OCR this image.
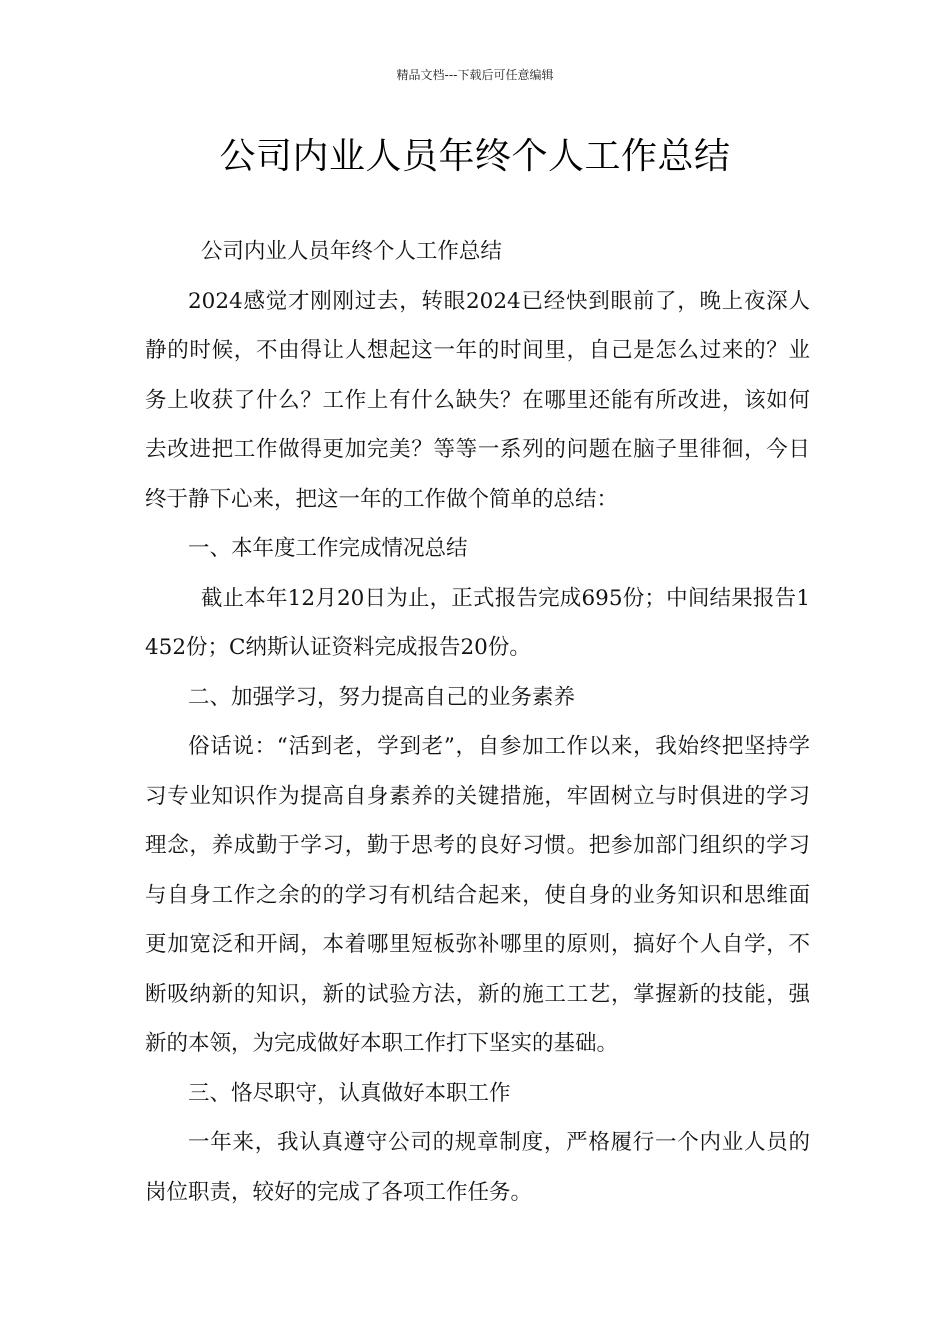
精品文档---下载后可任意编辑
公司内业人员年终个人工作总结

公司内业人员年终个人工作总结

2024感觉才刚刚过去，转眼2024已经快到眼前了，晚上夜深人静的时候，不由得让人想起这一年的时间里，自己是怎么过来的？业务上收获了什么？工作上有什么缺失？在哪里还能有所改进，该如何去改进把工作做得更加完美？等等一系列的问题在脑子里徘徊，今日终于静下心来，把这一年的工作做个简单的总结：

一、本年度工作完成情况总结

截止本年12月20日为止，正式报告完成695份；中间结果报告1452份；C纳斯认证资料完成报告20份。

二、加强学习，努力提高自己的业务素养

俗话说：“活到老，学到老”，自参加工作以来，我始终把坚持学习专业知识作为提高自身素养的关键措施，牢固树立与时俱进的学习理念，养成勤于学习，勤于思考的良好习惯。把参加部门组织的学习与自身工作之余的的学习有机结合起来，使自身的业务知识和思维面更加宽泛和开阔，本着哪里短板弥补哪里的原则，搞好个人自学，不断吸纳新的知识，新的试验方法，新的施工工艺，掌握新的技能，强新的本领，为完成做好本职工作打下坚实的基础。

三、恪尽职守，认真做好本职工作

一年来，我认真遵守公司的规章制度，严格履行一个内业人员的岗位职责，较好的完成了各项工作任务。
